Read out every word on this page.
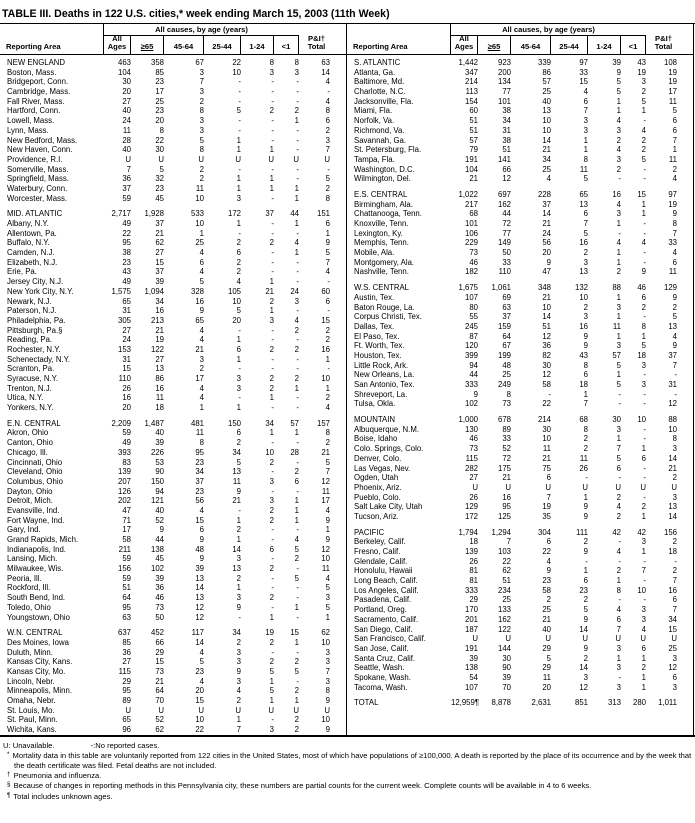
TABLE III. Deaths in 122 U.S. cities,* week ending March 15, 2003 (11th Week)
Reporting Area
All causes, by age (years)
All Ages	≥65	45-64	25-44	1-24	<1
P&I†
Total
NEW ENGLAND	463	358	67	22	8	8	63
Boston, Mass.	104	85	3	10	3	3	14
Bridgeport, Conn.	30	23	7	-	-	-	4
Cambridge, Mass.	20	17	3	-	-	-	-
Fall River, Mass.	27	25	2	-	-	-	4
Hartford, Conn.	40	23	8	5	2	2	8
Lowell, Mass.	24	20	3	-	-	1	6
Lynn, Mass.	11	8	3	-	-	-	2
New Bedford, Mass.	28	22	5	1	-	-	3
New Haven, Conn.	40	30	8	1	1	-	7
Providence, R.I.	U	U	U	U	U	U	U
Somerville, Mass.	7	5	2	-	-	-	-
Springfield, Mass.	36	32	2	1	1	-	5
Waterbury, Conn.	37	23	11	1	1	1	2
Worcester, Mass.	59	45	10	3	-	1	8
MID. ATLANTIC	2,717	1,928	533	172	37	44	151
Albany, N.Y.	49	37	10	1	-	1	6
Allentown, Pa.	22	21	1	-	-	-	1
Buffalo, N.Y.	95	62	25	2	2	4	9
Camden, N.J.	38	27	4	6	-	1	5
Elizabeth, N.J.	23	15	6	2	-	-	7
Erie, Pa.	43	37	4	2	-	-	4
Jersey City, N.J.	49	39	5	4	1	-	-
New York City, N.Y.	1,575	1,094	328	105	21	24	60
Newark, N.J.	65	34	16	10	2	3	6
Paterson, N.J.	31	16	9	5	1	-	-
Philadelphia, Pa.	305	213	65	20	3	4	15
Pittsburgh, Pa.§	27	21	4	-	-	2	2
Reading, Pa.	24	19	4	1	-	-	2
Rochester, N.Y.	153	122	21	6	2	2	16
Schenectady, N.Y.	31	27	3	1	-	-	1
Scranton, Pa.	15	13	2	-	-	-	-
Syracuse, N.Y.	110	86	17	3	2	2	10
Trenton, N.J.	26	16	4	3	2	1	1
Utica, N.Y.	16	11	4	-	1	-	2
Yonkers, N.Y.	20	18	1	1	-	-	4
E.N. CENTRAL	2,209	1,487	481	150	34	57	157
Akron, Ohio	59	40	11	6	1	1	8
Canton, Ohio	49	39	8	2	-	-	2
Chicago, Ill.	393	226	95	34	10	28	21
Cincinnati, Ohio	83	53	23	5	2	-	5
Cleveland, Ohio	139	90	34	13	-	2	7
Columbus, Ohio	207	150	37	11	3	6	12
Dayton, Ohio	126	94	23	9	-	-	11
Detroit, Mich.	202	121	56	21	3	1	17
Evansville, Ind.	47	40	4	-	2	1	4
Fort Wayne, Ind.	71	52	15	1	2	1	9
Gary, Ind.	17	9	6	2	-	-	1
Grand Rapids, Mich.	58	44	9	1	-	4	9
Indianapolis, Ind.	211	138	48	14	6	5	12
Lansing, Mich.	59	45	9	3	-	2	10
Milwaukee, Wis.	156	102	39	13	2	-	11
Peoria, Ill.	59	39	13	2	-	5	4
Rockford, Ill.	51	36	14	1	-	-	5
South Bend, Ind.	64	46	13	3	2	-	3
Toledo, Ohio	95	73	12	9	-	1	5
Youngstown, Ohio	63	50	12	-	1	-	1
W.N. CENTRAL	637	452	117	34	19	15	62
Des Moines, Iowa	85	66	14	2	2	1	10
Duluth, Minn.	36	29	4	3	-	-	3
Kansas City, Kans.	27	15	5	3	2	2	3
Kansas City, Mo.	115	73	23	9	5	5	7
Lincoln, Nebr.	29	21	4	3	1	-	3
Minneapolis, Minn.	95	64	20	4	5	2	8
Omaha, Nebr.	89	70	15	2	1	1	9
St. Louis, Mo.	U	U	U	U	U	U	U
St. Paul, Minn.	65	52	10	1	-	2	10
Wichita, Kans.	96	62	22	7	3	2	9
Reporting Area
All causes, by age (years)
All Ages	≥65	45-64	25-44	1-24	<1
P&I†
Total
S. ATLANTIC	1,442	923	339	97	39	43	108
Atlanta, Ga.	347	200	86	33	9	19	19
Baltimore, Md.	214	134	57	15	5	3	19
Charlotte, N.C.	113	77	25	4	5	2	17
Jacksonville, Fla.	154	101	40	6	1	5	11
Miami, Fla.	60	38	13	7	1	1	5
Norfolk, Va.	51	34	10	3	4	-	6
Richmond, Va.	51	31	10	3	3	4	6
Savannah, Ga.	57	38	14	1	2	2	7
St. Petersburg, Fla.	79	51	21	1	4	2	1
Tampa, Fla.	191	141	34	8	3	5	11
Washington, D.C.	104	66	25	11	2	-	2
Wilmington, Del.	21	12	4	5	-	-	4
E.S. CENTRAL	1,022	697	228	65	16	15	97
Birmingham, Ala.	217	162	37	13	4	1	19
Chattanooga, Tenn.	68	44	14	6	3	1	9
Knoxville, Tenn.	101	72	21	7	1	-	8
Lexington, Ky.	106	77	24	5	-	-	7
Memphis, Tenn.	229	149	56	16	4	4	33
Mobile, Ala.	73	50	20	2	1	-	4
Montgomery, Ala.	46	33	9	3	1	-	6
Nashville, Tenn.	182	110	47	13	2	9	11
W.S. CENTRAL	1,675	1,061	348	132	88	46	129
Austin, Tex.	107	69	21	10	1	6	9
Baton Rouge, La.	80	63	10	2	3	2	2
Corpus Christi, Tex.	55	37	14	3	1	-	5
Dallas, Tex.	245	159	51	16	11	8	13
El Paso, Tex.	87	64	12	9	1	1	4
Ft. Worth, Tex.	120	67	36	9	3	5	9
Houston, Tex.	399	199	82	43	57	18	37
Little Rock, Ark.	94	48	30	8	5	3	7
New Orleans, La.	44	25	12	6	1	-	-
San Antonio, Tex.	333	249	58	18	5	3	31
Shreveport, La.	9	8	-	1	-	-	-
Tulsa, Okla.	102	73	22	7	-	-	12
MOUNTAIN	1,000	678	214	68	30	10	88
Albuquerque, N.M.	130	89	30	8	3	-	10
Boise, Idaho	46	33	10	2	1	-	8
Colo. Springs, Colo.	73	52	11	2	7	1	3
Denver, Colo.	115	72	21	11	5	6	14
Las Vegas, Nev.	282	175	75	26	6	-	21
Ogden, Utah	27	21	6	-	-	-	2
Phoenix, Ariz.	U	U	U	U	U	U	U
Pueblo, Colo.	26	16	7	1	2	-	3
Salt Lake City, Utah	129	95	19	9	4	2	13
Tucson, Ariz.	172	125	35	9	2	1	14
PACIFIC	1,794	1,294	304	111	42	42	156
Berkeley, Calif.	18	7	6	2	-	3	2
Fresno, Calif.	139	103	22	9	4	1	18
Glendale, Calif.	26	22	4	-	-	-	-
Honolulu, Hawaii	81	62	9	1	2	7	2
Long Beach, Calif.	81	51	23	6	1	-	7
Los Angeles, Calif.	333	234	58	23	8	10	16
Pasadena, Calif.	29	25	2	2	-	-	6
Portland, Oreg.	170	133	25	5	4	3	7
Sacramento, Calif.	201	162	21	9	6	3	34
San Diego, Calif.	187	122	40	14	7	4	15
San Francisco, Calif.	U	U	U	U	U	U	U
San Jose, Calif.	191	144	29	9	3	6	25
Santa Cruz, Calif.	39	30	5	2	1	1	3
Seattle, Wash.	138	90	29	14	3	2	12
Spokane, Wash.	54	39	11	3	-	1	6
Tacoma, Wash.	107	70	20	12	3	1	3
TOTAL	12,959¶	8,878	2,631	851	313	280	1,011
U: Unavailable.	-:No reported cases.
* Mortality data in this table are voluntarily reported from 122 cities in the United States, most of which have populations of ≥100,000. A death is reported by the place of its occurrence and by the week that the death certificate was filed. Fetal deaths are not included.
† Pneumonia and influenza.
§ Because of changes in reporting methods in this Pennsylvania city, these numbers are partial counts for the current week. Complete counts will be available in 4 to 6 weeks.
¶ Total includes unknown ages.
